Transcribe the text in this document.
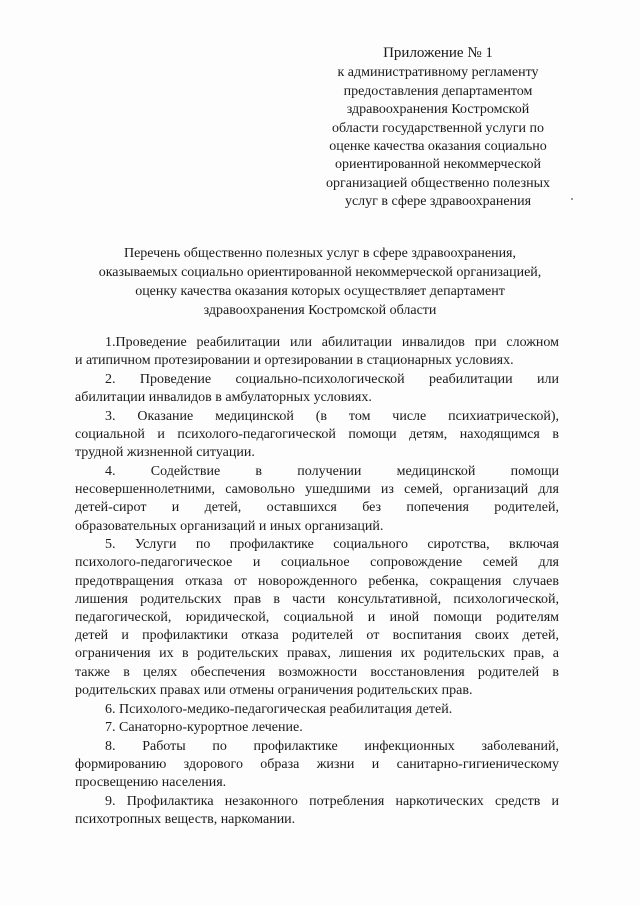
Приложение № 1
к административному регламенту
предоставления департаментом
здравоохранения Костромской
области государственной услуги по
оценке качества оказания социально
ориентированной некоммерческой
организацией общественно полезных
услуг в сфере здравоохранения
Перечень общественно полезных услуг в сфере здравоохранения,
оказываемых социально ориентированной некоммерческой организацией,
оценку качества оказания которых осуществляет департамент
здравоохранения Костромской области
1.Проведение реабилитации или абилитации инвалидов при сложном
и атипичном протезировании и ортезировании в стационарных условиях.
2. Проведение социально-психологической реабилитации или
абилитации инвалидов в амбулаторных условиях.
3. Оказание медицинской (в том числе психиатрической),
социальной и психолого-педагогической помощи детям, находящимся в
трудной жизненной ситуации.
4. Содействие в получении медицинской помощи
несовершеннолетними, самовольно ушедшими из семей, организаций для
детей-сирот и детей, оставшихся без попечения родителей,
образовательных организаций и иных организаций.
5. Услуги по профилактике социального сиротства, включая
психолого-педагогическое и социальное сопровождение семей для
предотвращения отказа от новорожденного ребенка, сокращения случаев
лишения родительских прав в части консультативной, психологической,
педагогической, юридической, социальной и иной помощи родителям
детей и профилактики отказа родителей от воспитания своих детей,
ограничения их в родительских правах, лишения их родительских прав, а
также в целях обеспечения возможности восстановления родителей в
родительских правах или отмены ограничения родительских прав.
6. Психолого-медико-педагогическая реабилитация детей.
7. Санаторно-курортное лечение.
8. Работы по профилактике инфекционных заболеваний,
формированию здорового образа жизни и санитарно-гигиеническому
просвещению населения.
9. Профилактика незаконного потребления наркотических средств и
психотропных веществ, наркомании.
